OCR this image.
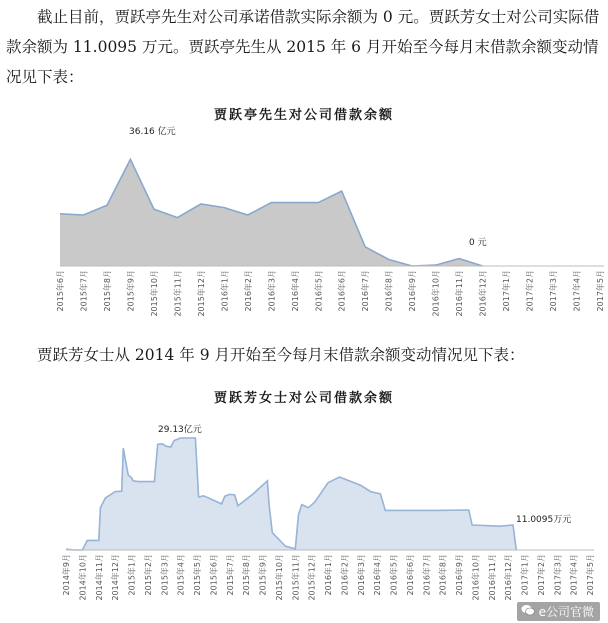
截止目前，贾跃亭先生对公司承诺借款实际余额为 0 元。贾跃芳女士对公司实际借款余额为 11.0095 万元。贾跃亭先生从 2015 年 6 月开始至今每月末借款余额变动情况见下表：

贾跃亭先生对公司借款余额
2015年6月 2015年7月 2015年8月 2015年9月 2015年10月 2015年11月 2015年12月 2016年1月 2016年2月 2016年3月 2016年4月 2016年5月 2016年6月 2016年7月 2016年8月 2016年9月 2016年10月 2016年11月 2016年12月 2017年1月 2017年2月 2017年3月 2017年4月 2017年5月
36.16 亿元
0 元

贾跃芳女士从 2014 年 9 月开始至今每月末借款余额变动情况见下表：

贾跃芳女士对公司借款余额
2014年9月 2014年10月 2014年11月 2014年12月 2015年1月 2015年2月 2015年3月 2015年4月 2015年5月 2015年6月 2015年7月 2015年8月 2015年9月 2015年10月 2015年11月 2015年12月 2016年1月 2016年2月 2016年3月 2016年4月 2016年5月 2016年6月 2016年7月 2016年8月 2016年9月 2016年10月 2016年11月 2016年12月 2017年1月 2017年2月 2017年3月 2017年4月 2017年5月
29.13亿元
11.0095万元
e公司官微
